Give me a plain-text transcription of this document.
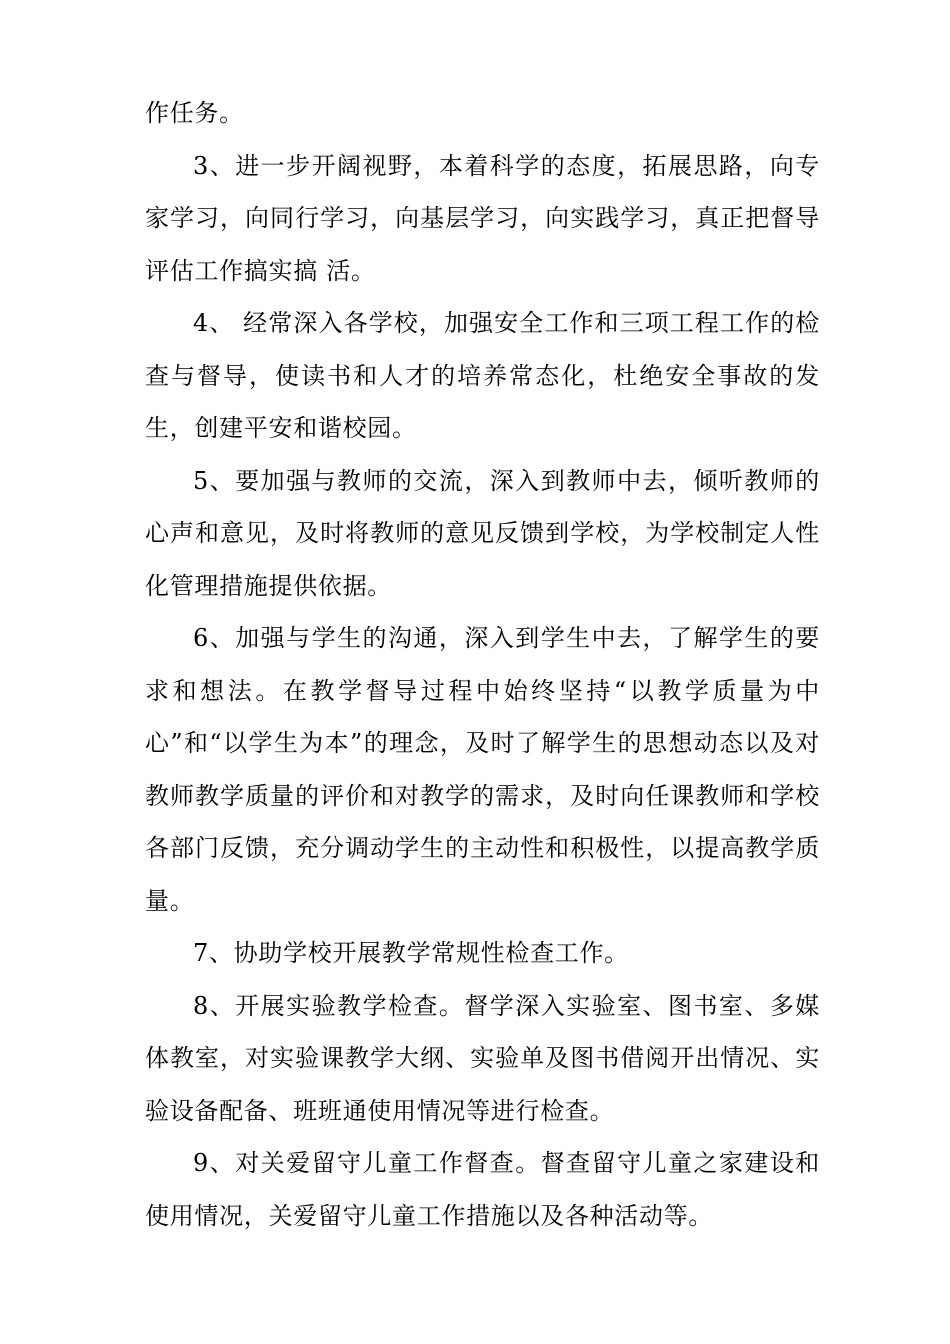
作任务。

3、进一步开阔视野，本着科学的态度，拓展思路，向专家学习，向同行学习，向基层学习，向实践学习，真正把督导评估工作搞实搞 活。

4、 经常深入各学校，加强安全工作和三项工程工作的检查与督导，使读书和人才的培养常态化，杜绝安全事故的发生，创建平安和谐校园。

5、要加强与教师的交流，深入到教师中去，倾听教师的心声和意见，及时将教师的意见反馈到学校，为学校制定人性化管理措施提供依据。

6、加强与学生的沟通，深入到学生中去，了解学生的要求和想法。在教学督导过程中始终坚持“以教学质量为中心”和“以学生为本”的理念，及时了解学生的思想动态以及对教师教学质量的评价和对教学的需求，及时向任课教师和学校各部门反馈，充分调动学生的主动性和积极性，以提高教学质量。

7、协助学校开展教学常规性检查工作。

8、开展实验教学检查。督学深入实验室、图书室、多媒体教室，对实验课教学大纲、实验单及图书借阅开出情况、实验设备配备、班班通使用情况等进行检查。

9、对关爱留守儿童工作督查。督查留守儿童之家建设和使用情况，关爱留守儿童工作措施以及各种活动等。
